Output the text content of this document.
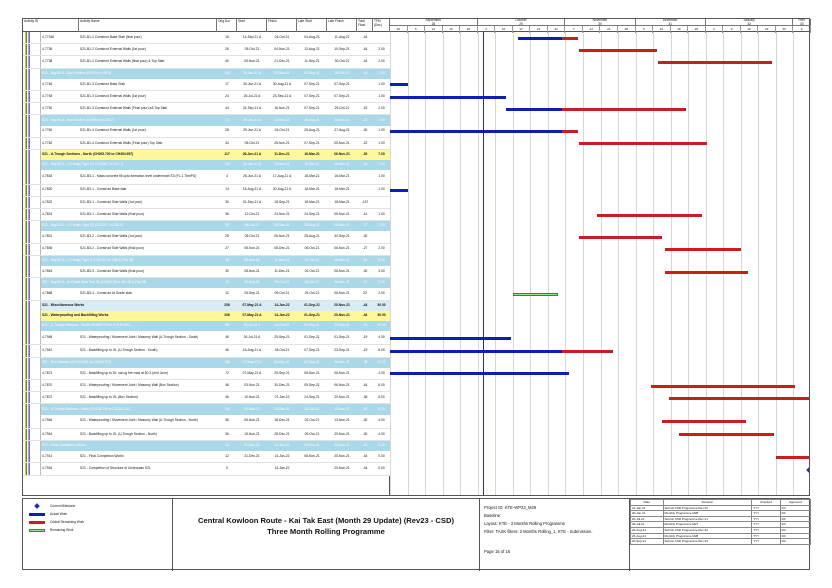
Activity ID	Activity Name	Orig Dur	Start	Finish	Late Start	Late Finish	Total Float
TFM (Dec)
September
28
October
29
November
30
December
31
January
32
Febr
33
29	5	12	19	26	3	10	17	24	31	7	14	21	28	5	12	19	26	2	9	16	23	30	6
4-77348	S21-B1-2 Construct Base Slab (final pour)	16	14-Sep-21 A	04-Oct-21	04-Aug-21	11-Aug-21	-44
4-7736	S21-B1-2 Construct External Walls (1st pour)	26	05-Oct-21	04-Nov-21	12-Aug-21	10-Sep-21	-44	2.00
4-7738	S21-B1-2 Construct External Walls (final pour) & Top Slab	40	05-Nov-21	21-Dec-21	11-Sep-21	30-Oct-21	-44	2.00
S21 - Bay B1-3 - Box Section (CH175 to 195.5)	119	30-Jun-21 A	03-Nov-21	07-Sep-21	29-Oct-21	-15	2.00
4-7746	S21-B1-3 Construct Base Slab	17	30-Jun-21 A	30-Aug-21 A	07-Sep-21	07-Sep-21	1.00
4-7748	S21-B1-3 Construct External Walls (1st pour)	24	26-Jul-21 A	23-Sep-21 A	07-Sep-21	07-Sep-21	1.00
4-7750	S21-B1-3 Construct External Walls (Final pour) a& Top Slab	44	24-Sep-21 A	16-Nov-21	07-Sep-21	29-Oct-21	-15	2.00
S21 - Bay B1-4 - Box Section (CH195.5 to 205.7)	72	29-Jun-21 A	13-Nov-21	26-Aug-21	15-Oct-21	-22	1.00
4-7760	S21-B1-4 Construct External Walls (1st pour)	28	29-Jun-21 A	04-Oct-21	26-Aug-21	27-Aug-21	-30	1.00
4-7762	S21-B1-4 Construct External Walls (Final pour) Top Slab	44	05-Oct-21	25-Nov-21	07-Sep-21	05-Nov-21	-22	1.00
S21 - U-Trough Sections - North (CH205.700 to CH354.957)	117	26-Jun-21 A	11-Dec-21	16-Mar-21	06-Nov-21	-30	7.00
S21 - Bay B3-1 - U-Trough Type D2 (CH205.7 to 222.7)	103	26-Jun-21 A	23-Nov-21	16-Mar-21	06-Nov-21	-14	1.00
4-7818	S21-B3-1 - Mass concrete fill upto formation level underneath S3 (FL-1.76mPD)	4	26-Jun-21 A	17-Aug-21 A	16-Mar-21	16-Mar-21	1.00
4-7820	S21-B3-1 - Construct Base slab	14	18-Aug-21 A	30-Aug-21 A	16-Mar-21	16-Mar-21	1.00
4-7822	S21-B3-1 - Construct Side Walls (1st pour)	30	01-Sep-21 A	18-Sep-21	18-Mar-21	18-Mar-21	-157
4-7824	S21-B3-1 - Construct Side Walls (final pour)	36	12-Oct-21	23-Nov-21	24-Sep-21	06-Nov-21	-14	1.00
S21 - Bay B3-2 - U-Trough Type D2 (CH222.7 to 240.0)	55	06-Oct-21	06-Dec-21	28-Aug-21	06-Nov-21	-27	2.00
4-7831	S21-B3-2 - Construct Side Walls (1st pour)	28	05-Oct-21	06-Nov-21	28-Aug-21	30-Sep-21	-30
4-7836	S21-B3-2 - Construct Side Walls (final pour)	27	08-Nov-21	08-Dec-21	06-Oct-21	06-Nov-21	-27	2.00
S21 - Bay B3-3 - U-Trough Type D (CH240.0 to 255.2) Part 3B	30	08-Nov-21	11-Dec-21	02-Oct-21	06-Nov-21	-30	3.00
4-7844	S21-B3-3 - Construct Side Walls (final pour)	30	08-Nov-21	11-Dec-21	02-Oct-21	06-Nov-21	-30	3.00
S21 - Bay B3-4 - At Grade Slab Part 3B (CH332.53 to 354.957) Part 3B	12	25-Sep-21	09-Oct-21	25-Oct-21	06-Nov-21	23	2.00
4-7868	S21-B3-4 - Construct At Grade slab	12	25-Sep-21	09-Oct-21	25-Oct-21	06-Nov-21	23	2.00
S21 - Miscellaneous Works	208	07-May-21 A	14-Jan-22	01-Sep-21	20-Nov-21	-44	30.00
S21 - Waterproofing and Backfilling Works	208	07-May-21 A	14-Jan-22	01-Sep-21	20-Nov-21	-44	30.00
S21 - U-Trough Sections - South (CH089.376 to CH143.891)	86	26-Jul-21 A	26-Oct-21	01-Sep-21	23-Sep-21	-19	10.00
4-7948	S21 - Waterproofing / Movement Joint / Masonry Wall (U-Trough Section - South)	46	26-Jul-21 A	25-Sep-21	01-Sep-21	01-Sep-21	-19	4.00
4-7942	S21 - Backfilling up to GL (U-Trough Section - South)	46	16-Aug-21 A	18-Oct-21	07-Sep-21	23-Sep-21	-19	6.00
S21 - Box Sections (CH143.891 to CH205.700)	156	07-May-21 A	06-Dec-21	07-Sep-21	06-Nov-21	-38	12.00
4-7873	S21 - Backfilling up to GL nat ug fire road at 80-3 (end June)	72	07-May-21 A	25-Sep-21	06-Nov-21	06-Nov-21	4.00
4-7870	S21 - Waterproofing / Movement Joint / Masonry Wall (Box Section)	46	03-Nov-21	30-Dec-21	09-Sep-21	06-Nov-21	-44	6.00
4-7872	S21 - Backfilling up to GL (Box Section)	46	10-Nov-21	07-Jan-22	24-Sep-21	20-Nov-21	-38	6.00
S21 - U-Trough Sections - North (CH205.700 to CH321.110)	116	06-Nov-21	28-Dec-21	02-Oct-21	13-Nov-21	-45	8.00
4-7946	S21 - Waterproofing / Movement Joint / Masonry Wall (U-Trough Section - North)	36	06-Nov-21	18-Dec-21	02-Oct-21	13-Nov-21	-30	4.00
4-7944	S21 - Backfilling up to GL (U-Trough Section - North)	36	15-Nov-21	28-Dec-21	09-Oct-21	20-Nov-21	-30	4.00
S21 - Final Completion Works	12	31-Dec-21	14-Jan-22	08-Nov-21	20-Nov-21	-44	0.00
4-7914	S21 - Final Completion Works	12	31-Dec-21	14-Jan-22	06-Nov-21	20-Nov-21	-44	0.00
4-7916	S21 - Completion of Structure of Underpass S21	0	14-Jan-22	20-Nov-21	-44	0.00
Current Milestone
Actual Work
Critical Remaining Work
Remaining Work
Central Kowloon Route - Kai Tak East (Month 29 Update) (Rev23 - CSD)
Three Month Rolling Programme
Project ID: KTE-WP23_M29
Baseline:
Layout: KTE - 3 Months Rolling Programme
Filter: TASK filters: 3 Months Rolling_1, KTE - Submission.
Page 15 of 16
Date	Revision	Checked	Approved
21-Jan-21	Submit CSD Programme Rev 20	TYY	DC
30-Jan-21	Monthly Programme M28	TYY	DC
20-Jul-21	Submit CSD Programme Rev 21	TYY	DC
30-Jul-21	Monthly Programme M27	TYY	DC
20-Aug-21	Submit CSD Programme Rev 22	TYY	DC
25-Aug-21	Monthly Programme M28	TYY	DC
20-Sep-21	Submit CSD Programme Rev 23	TYY	DC
